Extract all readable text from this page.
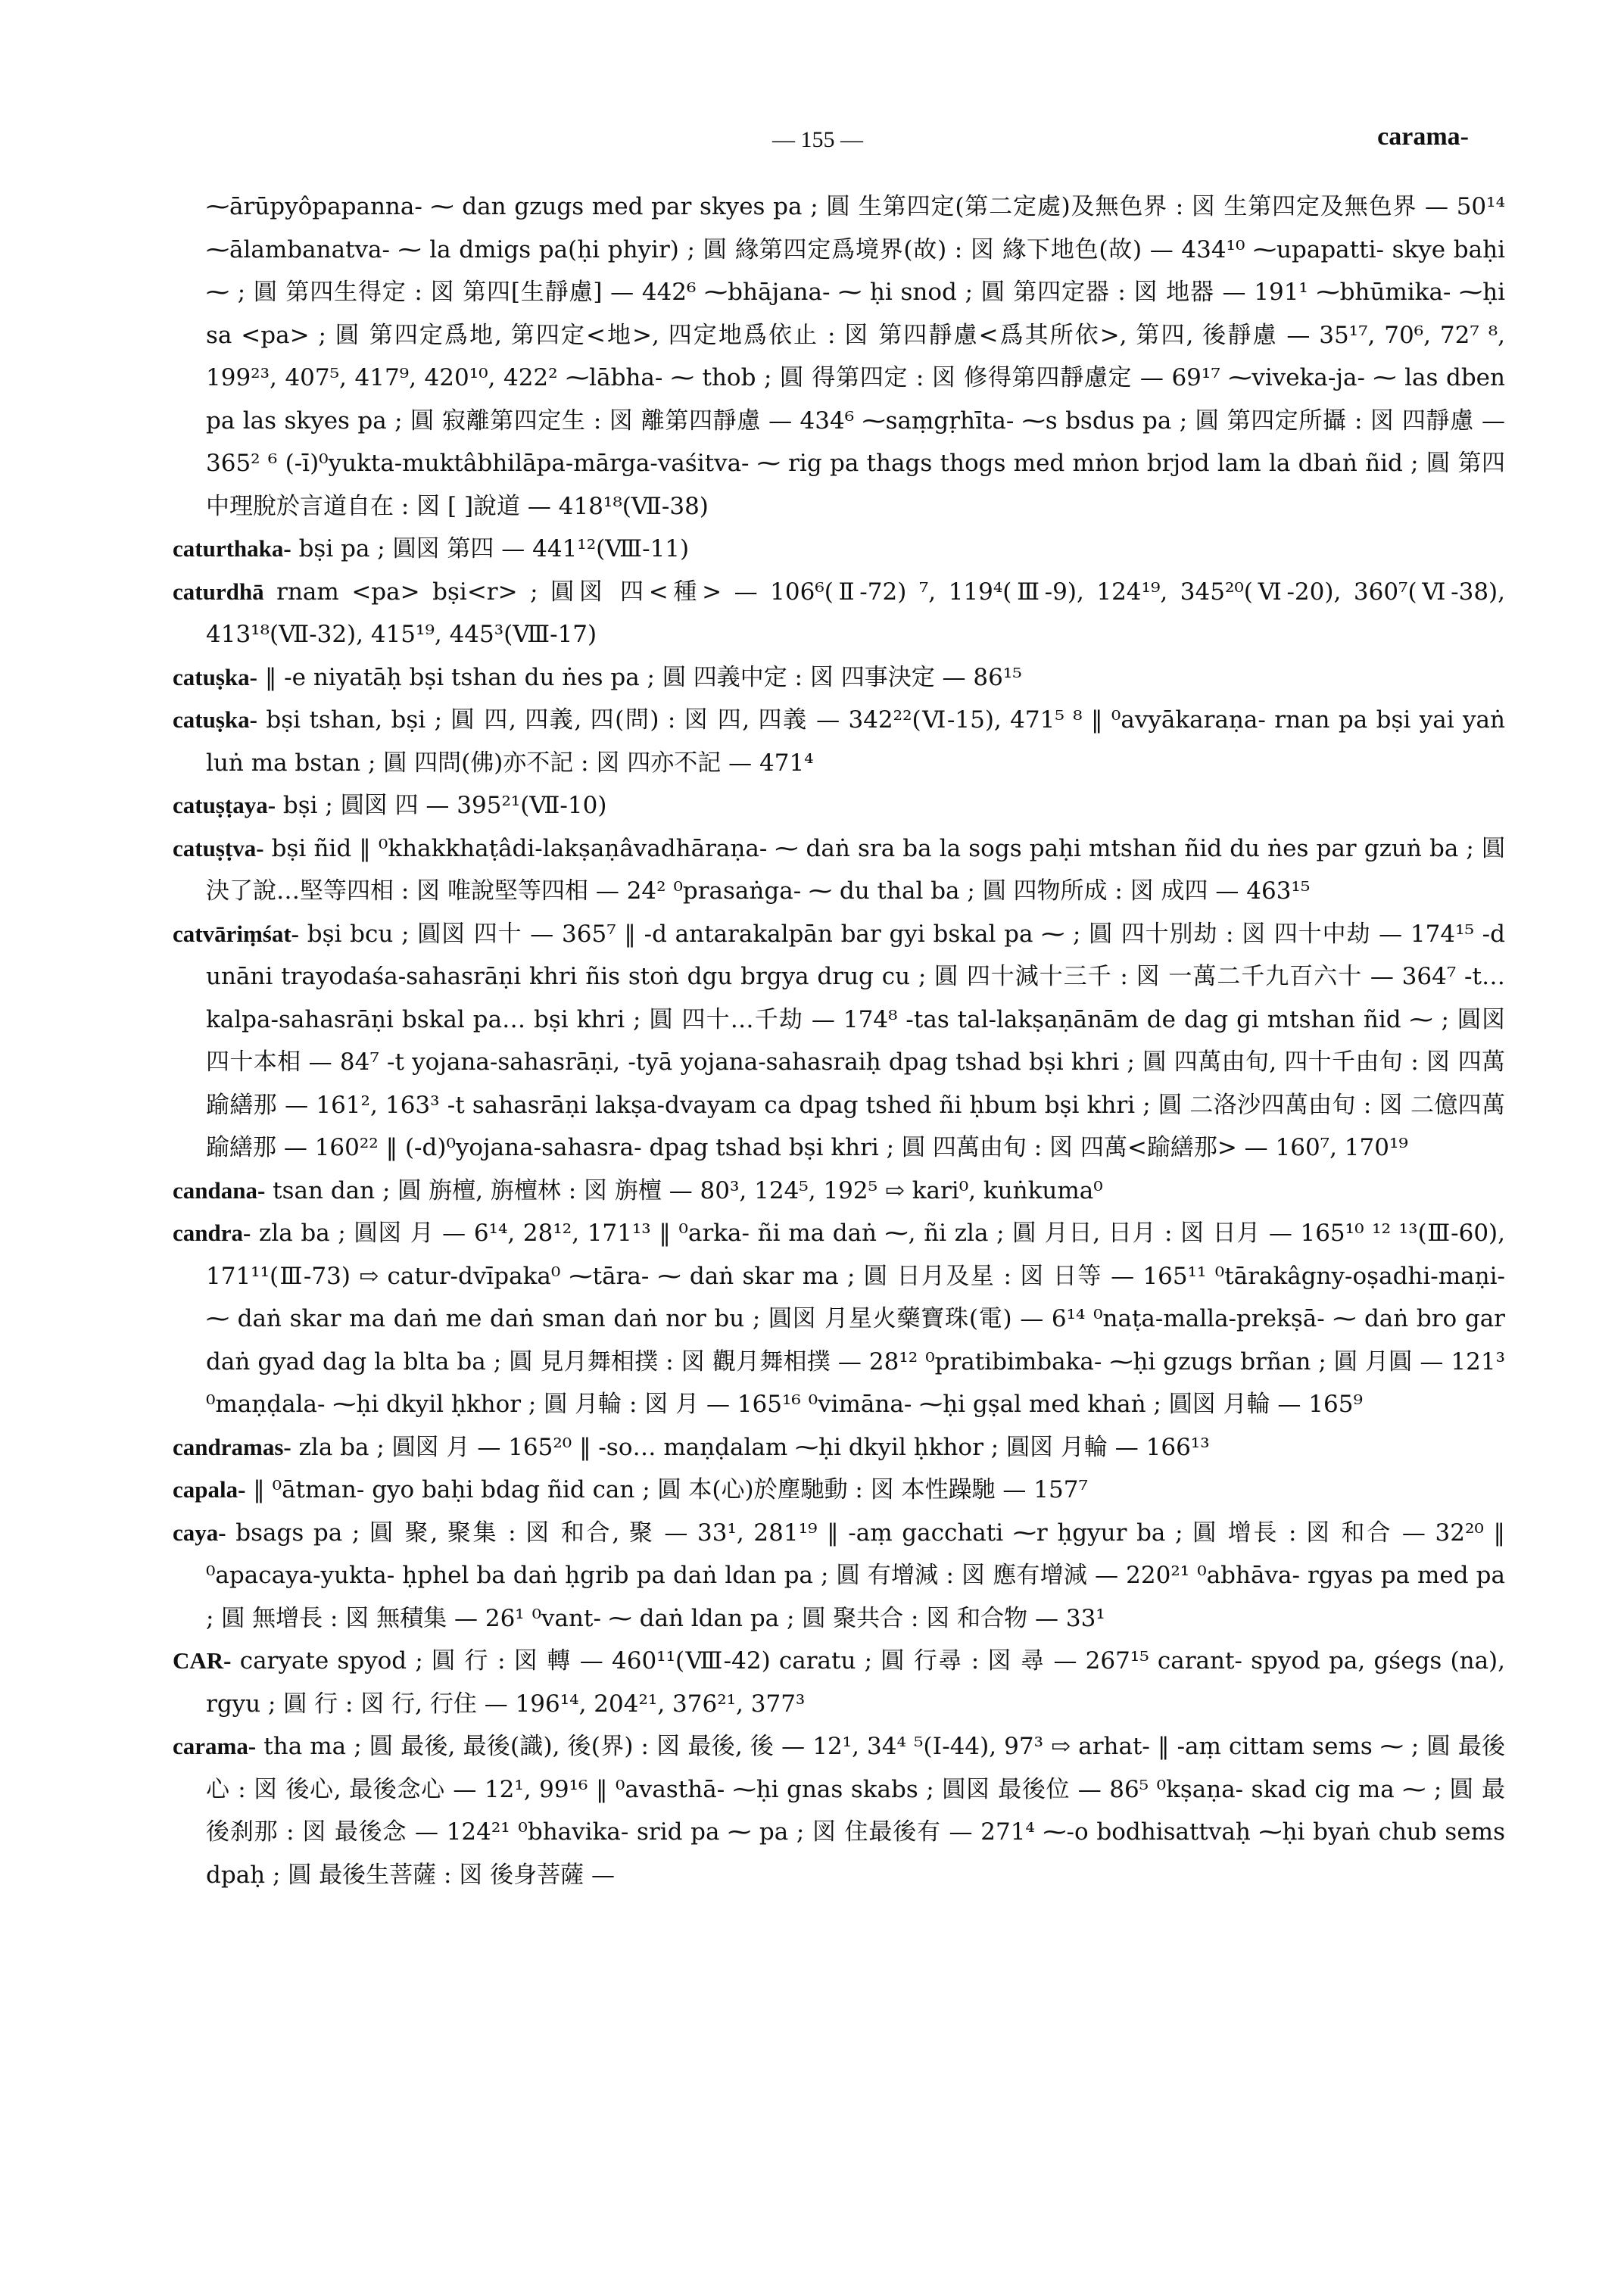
— 155 —	carama-

⁓ārūpyôpapanna- ⁓ dan gzugs med par skyes pa ; 圓 生第四定(第二定處)及無色界 : 図 生第四定及無色界 — 50¹⁴ ⁓ālambanatva- ⁓ la dmigs pa(ḥi phyir) ; 圓 緣第四定爲境界(故) : 図 緣下地色(故) — 434¹⁰ ⁓upapatti- skye baḥi ⁓ ; 圓 第四生得定 : 図 第四[生靜慮] — 442⁶ ⁓bhājana- ⁓ ḥi snod ; 圓 第四定器 : 図 地器 — 191¹ ⁓bhūmika- ⁓ḥi sa <pa> ; 圓 第四定爲地, 第四定<地>, 四定地爲依止 : 図 第四靜慮<爲其所依>, 第四, 後靜慮 — 35¹⁷, 70⁶, 72⁷ ⁸, 199²³, 407⁵, 417⁹, 420¹⁰, 422² ⁓lābha- ⁓ thob ; 圓 得第四定 : 図 修得第四靜慮定 — 69¹⁷ ⁓viveka-ja- ⁓ las dben pa las skyes pa ; 圓 寂離第四定生 : 図 離第四靜慮 — 434⁶ ⁓saṃgṛhīta- ⁓s bsdus pa ; 圓 第四定所攝 : 図 四靜慮 — 365² ⁶ (-ī)⁰yukta-muktâbhilāpa-mārga-vaśitva- ⁓ rig pa thags thogs med mṅon brjod lam la dbaṅ ñid ; 圓 第四中理脫於言道自在 : 図 [ ]說道 — 418¹⁸(Ⅶ-38)

caturthaka- bṣi pa ; 圓図 第四 — 441¹²(Ⅷ-11)

caturdhā rnam <pa> bṣi<r> ; 圓図 四<種> — 106⁶(Ⅱ-72) ⁷, 119⁴(Ⅲ-9), 124¹⁹, 345²⁰(Ⅵ-20), 360⁷(Ⅵ-38), 413¹⁸(Ⅶ-32), 415¹⁹, 445³(Ⅷ-17)

catuṣka- ‖ -e niyatāḥ bṣi tshan du ṅes pa ; 圓 四義中定 : 図 四事決定 — 86¹⁵

catuṣka- bṣi tshan, bṣi ; 圓 四, 四義, 四(問) : 図 四, 四義 — 342²²(Ⅵ-15), 471⁵ ⁸ ‖ ⁰avyākaraṇa- rnan pa bṣi yai yaṅ luṅ ma bstan ; 圓 四問(佛)亦不記 : 図 四亦不記 — 471⁴

catuṣṭaya- bṣi ; 圓図 四 — 395²¹(Ⅶ-10)

catuṣṭva- bṣi ñid ‖ ⁰khakkhaṭâdi-lakṣaṇâvadhāraṇa- ⁓ daṅ sra ba la sogs paḥi mtshan ñid du ṅes par gzuṅ ba ; 圓 決了說…堅等四相 : 図 唯說堅等四相 — 24² ⁰prasaṅga- ⁓ du thal ba ; 圓 四物所成 : 図 成四 — 463¹⁵

catvāriṃśat- bṣi bcu ; 圓図 四十 — 365⁷ ‖ -d antarakalpān bar gyi bskal pa ⁓ ; 圓 四十別劫 : 図 四十中劫 — 174¹⁵ -d unāni trayodaśa-sahasrāṇi khri ñis stoṅ dgu brgya drug cu ; 圓 四十減十三千 : 図 一萬二千九百六十 — 364⁷ -t… kalpa-sahasrāṇi bskal pa… bṣi khri ; 圓 四十…千劫 — 174⁸ -tas tal-lakṣaṇānām de dag gi mtshan ñid ⁓ ; 圓図 四十本相 — 84⁷ -t yojana-sahasrāṇi, -tyā yojana-sahasraiḥ dpag tshad bṣi khri ; 圓 四萬由旬, 四十千由旬 : 図 四萬踰繕那 — 161², 163³ -t sahasrāṇi lakṣa-dvayam ca dpag tshed ñi ḥbum bṣi khri ; 圓 二洛沙四萬由旬 : 図 二億四萬踰繕那 — 160²² ‖ (-d)⁰yojana-sahasra- dpag tshad bṣi khri ; 圓 四萬由旬 : 図 四萬<踰繕那> — 160⁷, 170¹⁹

candana- tsan dan ; 圓 旃檀, 旃檀林 : 図 旃檀 — 80³, 124⁵, 192⁵ ⇨ kari⁰, kuṅkuma⁰

candra- zla ba ; 圓図 月 — 6¹⁴, 28¹², 171¹³ ‖ ⁰arka- ñi ma daṅ ⁓, ñi zla ; 圓 月日, 日月 : 図 日月 — 165¹⁰ ¹² ¹³(Ⅲ-60), 171¹¹(Ⅲ-73) ⇨ catur-dvīpaka⁰ ⁓tāra- ⁓ daṅ skar ma ; 圓 日月及星 : 図 日等 — 165¹¹ ⁰tārakâgny-oṣadhi-maṇi- ⁓ daṅ skar ma daṅ me daṅ sman daṅ nor bu ; 圓図 月星火藥寶珠(電) — 6¹⁴ ⁰naṭa-malla-prekṣā- ⁓ daṅ bro gar daṅ gyad dag la blta ba ; 圓 見月舞相撲 : 図 觀月舞相撲 — 28¹² ⁰pratibimbaka- ⁓ḥi gzugs brñan ; 圓 月圓 — 121³ ⁰maṇḍala- ⁓ḥi dkyil ḥkhor ; 圓 月輪 : 図 月 — 165¹⁶ ⁰vimāna- ⁓ḥi gṣal med khaṅ ; 圓図 月輪 — 165⁹

candramas- zla ba ; 圓図 月 — 165²⁰ ‖ -so… maṇḍalam ⁓ḥi dkyil ḥkhor ; 圓図 月輪 — 166¹³

capala- ‖ ⁰ātman- gyo baḥi bdag ñid can ; 圓 本(心)於塵馳動 : 図 本性躁馳 — 157⁷

caya- bsags pa ; 圓 聚, 聚集 : 図 和合, 聚 — 33¹, 281¹⁹ ‖ -aṃ gacchati ⁓r ḥgyur ba ; 圓 增長 : 図 和合 — 32²⁰ ‖ ⁰apacaya-yukta- ḥphel ba daṅ ḥgrib pa daṅ ldan pa ; 圓 有增減 : 図 應有增減 — 220²¹ ⁰abhāva- rgyas pa med pa ; 圓 無增長 : 図 無積集 — 26¹ ⁰vant- ⁓ daṅ ldan pa ; 圓 聚共合 : 図 和合物 — 33¹

CAR- caryate spyod ; 圓 行 : 図 轉 — 460¹¹(Ⅷ-42) caratu ; 圓 行尋 : 図 尋 — 267¹⁵ carant- spyod pa, gśegs (na), rgyu ; 圓 行 : 図 行, 行住 — 196¹⁴, 204²¹, 376²¹, 377³

carama- tha ma ; 圓 最後, 最後(識), 後(界) : 図 最後, 後 — 12¹, 34⁴ ⁵(Ⅰ-44), 97³ ⇨ arhat- ‖ -aṃ cittam sems ⁓ ; 圓 最後心 : 図 後心, 最後念心 — 12¹, 99¹⁶ ‖ ⁰avasthā- ⁓ḥi gnas skabs ; 圓図 最後位 — 86⁵ ⁰kṣaṇa- skad cig ma ⁓ ; 圓 最後刹那 : 図 最後念 — 124²¹ ⁰bhavika- srid pa ⁓ pa ; 図 住最後有 — 271⁴ ⁓-o bodhisattvaḥ ⁓ḥi byaṅ chub sems dpaḥ ; 圓 最後生菩薩 : 図 後身菩薩 —
